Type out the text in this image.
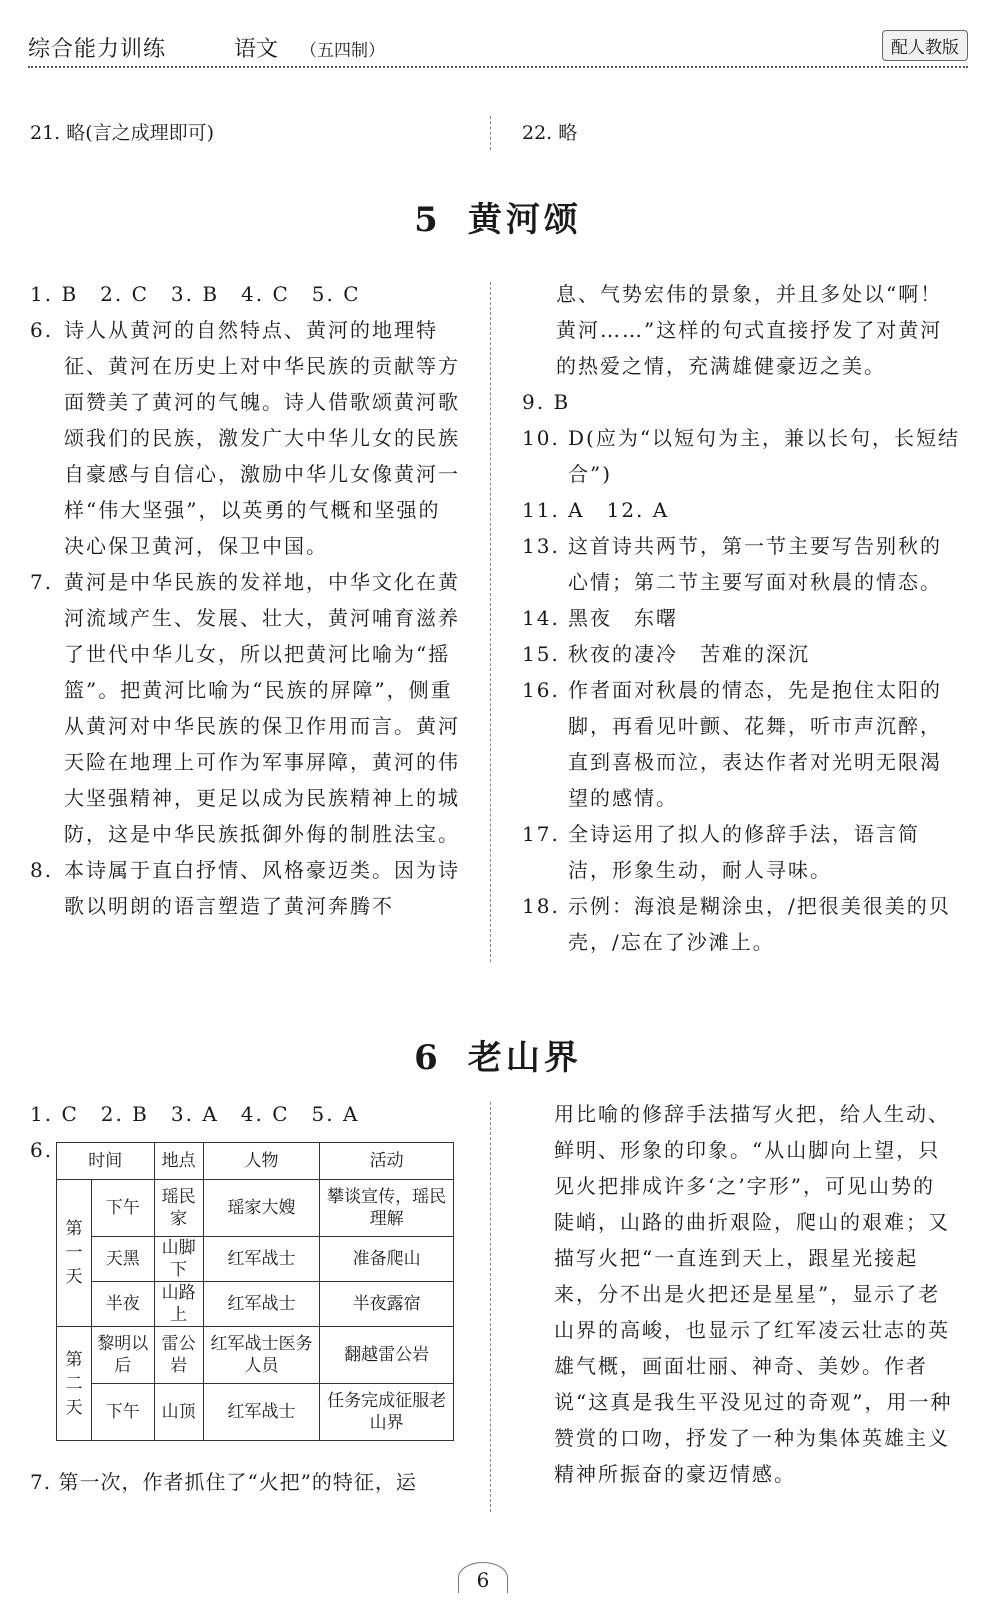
综合能力训练	语文 （五四制）	配人教版
21. 略(言之成理即可)	22. 略
5 黄河颂
1. B　2. C　3. B　4. C　5. C
6. 诗人从黄河的自然特点、黄河的地理特征、黄河在历史上对中华民族的贡献等方面赞美了黄河的气魄。诗人借歌颂黄河歌颂我们的民族，激发广大中华儿女的民族自豪感与自信心，激励中华儿女像黄河一样“伟大坚强”，以英勇的气概和坚强的决心保卫黄河，保卫中国。
7. 黄河是中华民族的发祥地，中华文化在黄河流域产生、发展、壮大，黄河哺育滋养了世代中华儿女，所以把黄河比喻为“摇篮”。把黄河比喻为“民族的屏障”，侧重从黄河对中华民族的保卫作用而言。黄河天险在地理上可作为军事屏障，黄河的伟大坚强精神，更足以成为民族精神上的城防，这是中华民族抵御外侮的制胜法宝。
8. 本诗属于直白抒情、风格豪迈类。因为诗歌以明朗的语言塑造了黄河奔腾不
息、气势宏伟的景象，并且多处以“啊！黄河……”这样的句式直接抒发了对黄河的热爱之情，充满雄健豪迈之美。
9. B
10. D(应为“以短句为主，兼以长句，长短结合”)
11. A　12. A
13. 这首诗共两节，第一节主要写告别秋的心情；第二节主要写面对秋晨的情态。
14. 黑夜　东曙
15. 秋夜的凄冷　苦难的深沉
16. 作者面对秋晨的情态，先是抱住太阳的脚，再看见叶颤、花舞，听市声沉醉，直到喜极而泣，表达作者对光明无限渴望的感情。
17. 全诗运用了拟人的修辞手法，语言简洁，形象生动，耐人寻味。
18. 示例：海浪是糊涂虫，/把很美很美的贝壳，/忘在了沙滩上。
6 老山界
1. C　2. B　3. A　4. C　5. A
6.	时间		地点	人物	活动
第一天	下午	瑶民家	瑶家大嫂	攀谈宣传，瑶民理解
	天黑	山脚下	红军战士	准备爬山
	半夜	山路上	红军战士	半夜露宿
第二天	黎明以后	雷公岩	红军战士医务人员	翻越雷公岩
	下午	山顶	红军战士	任务完成征服老山界
7. 第一次，作者抓住了“火把”的特征，运
用比喻的修辞手法描写火把，给人生动、鲜明、形象的印象。“从山脚向上望，只见火把排成许多‘之’字形”，可见山势的陡峭，山路的曲折艰险，爬山的艰难；又描写火把“一直连到天上，跟星光接起来，分不出是火把还是星星”，显示了老山界的高峻，也显示了红军凌云壮志的英雄气概，画面壮丽、神奇、美妙。作者说“这真是我生平没见过的奇观”，用一种赞赏的口吻，抒发了一种为集体英雄主义精神所振奋的豪迈情感。
6
